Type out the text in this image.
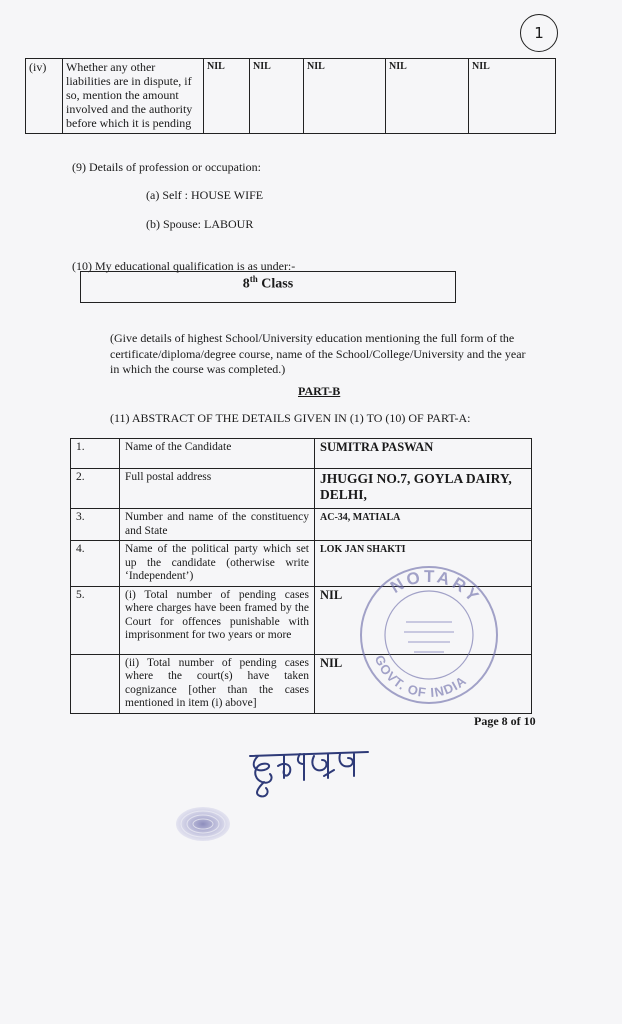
1
(iv)	Whether any other liabilities are in dispute, if so, mention the amount involved and the authority before which it is pending	NIL	NIL	NIL	NIL	NIL
(9) Details of profession or occupation:
(a) Self : HOUSE WIFE
(b) Spouse: LABOUR
(10) My educational qualification is as under:-
8th Class
(Give details of highest School/University education mentioning the full form of the certificate/diploma/degree course, name of the School/College/University and the year in which the course was completed.)
PART-B
(11) ABSTRACT OF THE DETAILS GIVEN IN (1) TO (10) OF PART-A:
1.	Name of the Candidate	SUMITRA PASWAN
2.	Full postal address	JHUGGI NO.7, GOYLA DAIRY, DELHI,
3.	Number and name of the constituency and State	AC-34, MATIALA
4.	Name of the political party which set up the candidate (otherwise write ‘Independent’)	LOK JAN SHAKTI
5.	(i) Total number of pending cases where charges have been framed by the Court for offences punishable with imprisonment for two years or more	NIL
	(ii) Total number of pending cases where the court(s) have taken cognizance [other than the cases mentioned in item (i) above]	NIL
NOTARY
GOVT. OF INDIA
Page 8 of 10
